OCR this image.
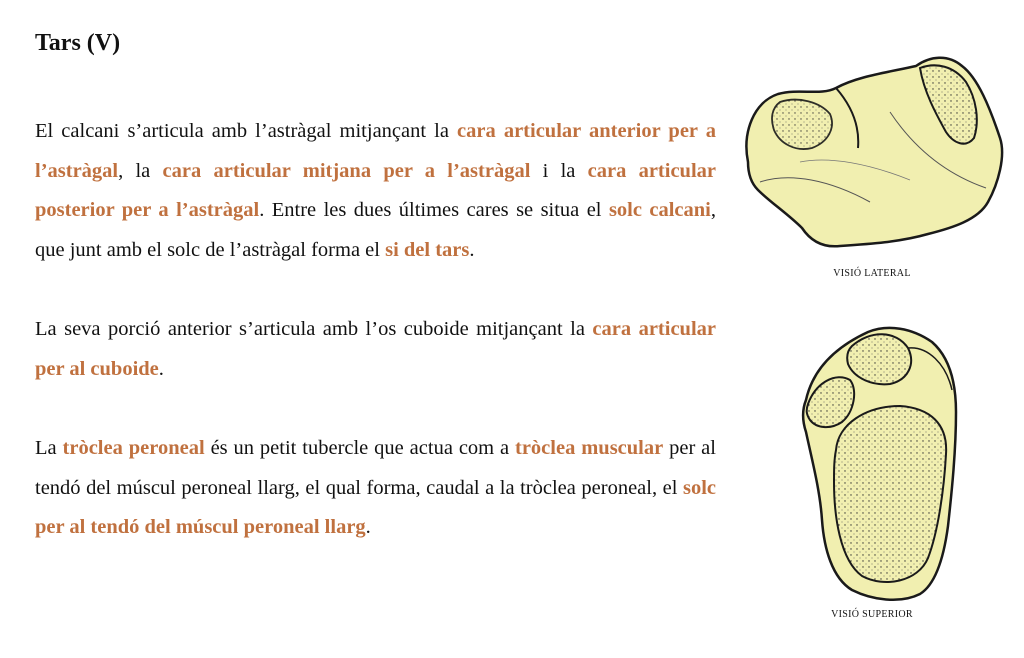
Tars (V)

El calcani s’articula amb l’astràgal mitjançant la cara articular anterior per a l’astràgal, la cara articular mitjana per a l’astràgal i la cara articular posterior per a l’astràgal. Entre les dues últimes cares se situa el solc calcani, que junt amb el solc de l’astràgal forma el si del tars.

La seva porció anterior s’articula amb l’os cuboide mitjançant la cara articular per al cuboide.

La tròclea peroneal és un petit tubercle que actua com a tròclea muscular per al tendó del múscul peroneal llarg, el qual forma, caudal a la tròclea peroneal, el solc per al tendó del múscul peroneal llarg.

VISIÓ LATERAL
VISIÓ SUPERIOR
